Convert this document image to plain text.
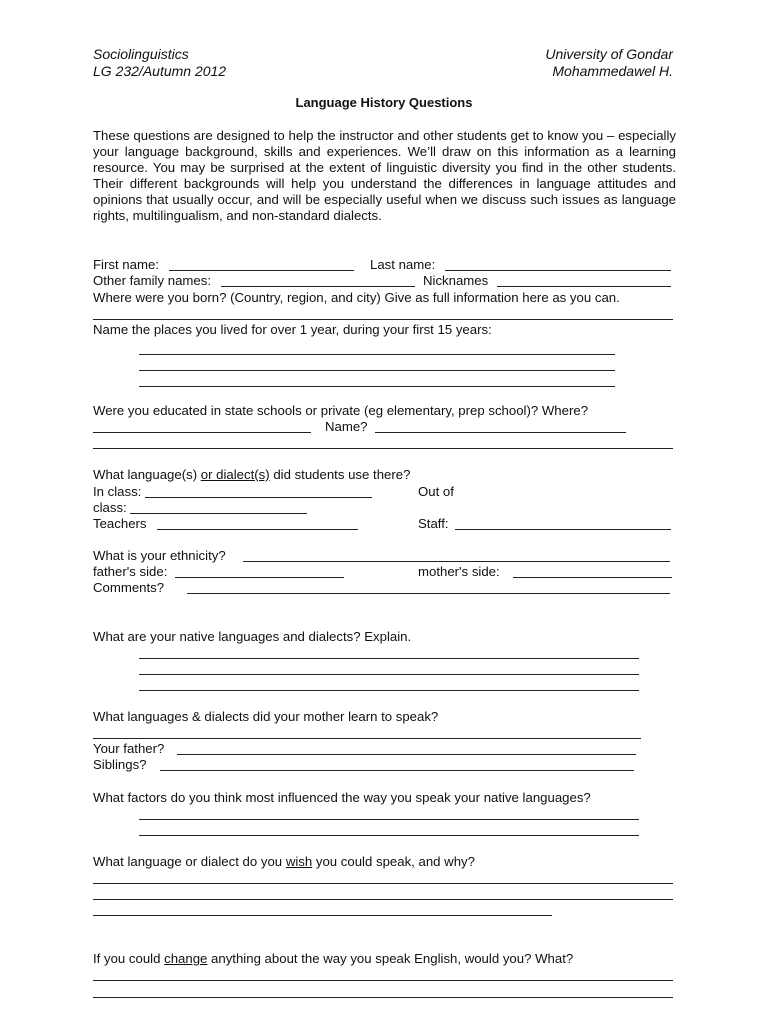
Sociolinguistics
LG 232/Autumn 2012
University of Gondar
Mohammedawel H.
Language History Questions
These questions are designed to help the instructor and other students get to know you – especially your language background, skills and experiences. We’ll draw on this information as a learning resource. You may be surprised at the extent of linguistic diversity you find in the other students. Their different backgrounds will help you understand the differences in language attitudes and opinions that usually occur, and will be especially useful when we discuss such issues as language rights, multilingualism, and non-standard dialects.
First name:	Last name:
Other family names:	Nicknames
Where were you born? (Country, region, and city) Give as full information here as you can.
Name the places you lived for over 1 year, during your first 15 years:
Were you educated in state schools or private (eg elementary, prep school)? Where?
Name?
What language(s) or dialect(s) did students use there?
In class:	Out of
class:
Teachers	Staff:
What is your ethnicity?
father's side:	mother's side:
Comments?
What are your native languages and dialects? Explain.
What languages & dialects did your mother learn to speak?
Your father?
Siblings?
What factors do you think most influenced the way you speak your native languages?
What language or dialect do you wish you could speak, and why?
If you could change anything about the way you speak English, would you? What?
